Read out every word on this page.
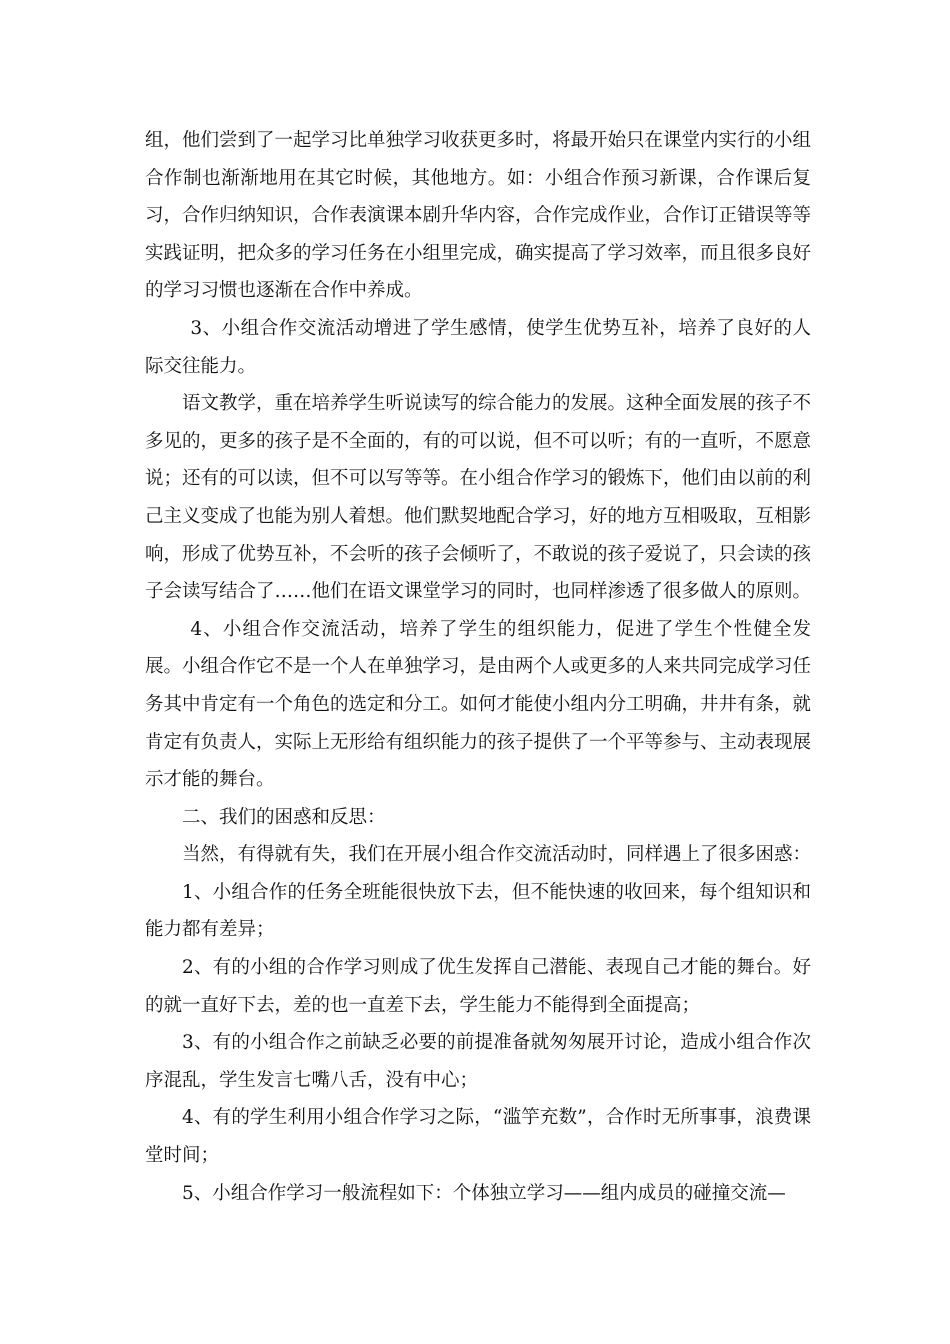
组，他们尝到了一起学习比单独学习收获更多时，将最开始只在课堂内实行的小组合作制也渐渐地用在其它时候，其他地方。如：小组合作预习新课，合作课后复习，合作归纳知识，合作表演课本剧升华内容，合作完成作业，合作订正错误等等实践证明，把众多的学习任务在小组里完成，确实提高了学习效率，而且很多良好的学习习惯也逐渐在合作中养成。

3、小组合作交流活动增进了学生感情，使学生优势互补，培养了良好的人际交往能力。

语文教学，重在培养学生听说读写的综合能力的发展。这种全面发展的孩子不多见的，更多的孩子是不全面的，有的可以说，但不可以听；有的一直听，不愿意说；还有的可以读，但不可以写等等。在小组合作学习的锻炼下，他们由以前的利己主义变成了也能为别人着想。他们默契地配合学习，好的地方互相吸取，互相影响，形成了优势互补，不会听的孩子会倾听了，不敢说的孩子爱说了，只会读的孩子会读写结合了……他们在语文课堂学习的同时，也同样渗透了很多做人的原则。

4、小组合作交流活动，培养了学生的组织能力，促进了学生个性健全发展。小组合作它不是一个人在单独学习，是由两个人或更多的人来共同完成学习任务其中肯定有一个角色的选定和分工。如何才能使小组内分工明确，井井有条，就肯定有负责人，实际上无形给有组织能力的孩子提供了一个平等参与、主动表现展示才能的舞台。

二、我们的困惑和反思：

当然，有得就有失，我们在开展小组合作交流活动时，同样遇上了很多困惑：

1、小组合作的任务全班能很快放下去，但不能快速的收回来，每个组知识和能力都有差异；

2、有的小组的合作学习则成了优生发挥自己潜能、表现自己才能的舞台。好的就一直好下去，差的也一直差下去，学生能力不能得到全面提高；

3、有的小组合作之前缺乏必要的前提准备就匆匆展开讨论，造成小组合作次序混乱，学生发言七嘴八舌，没有中心；

4、有的学生利用小组合作学习之际，“滥竽充数”，合作时无所事事，浪费课堂时间；

5、小组合作学习一般流程如下：个体独立学习——组内成员的碰撞交流—
